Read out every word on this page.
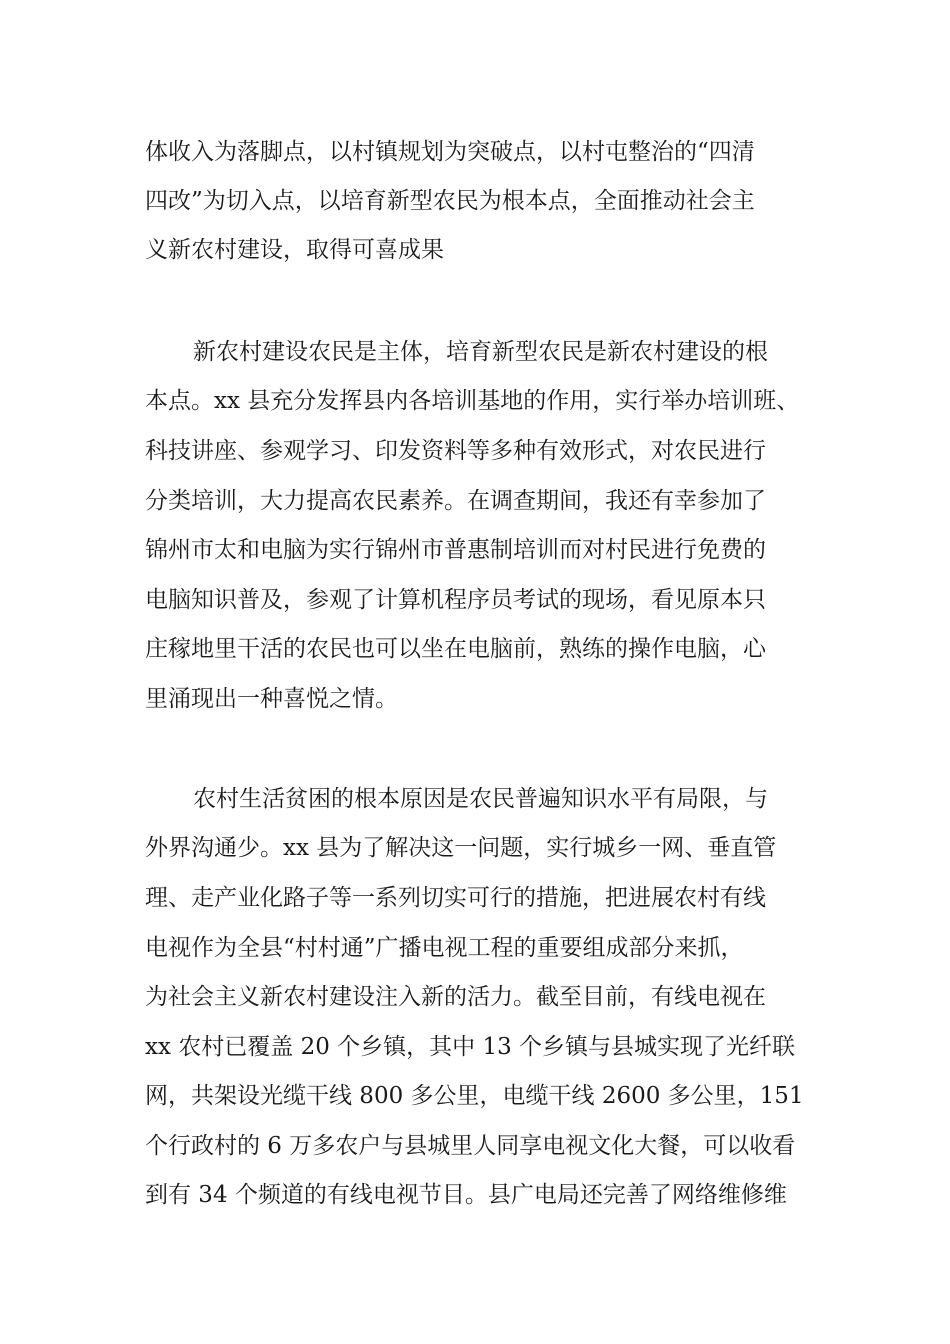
体收入为落脚点，以村镇规划为突破点，以村屯整治的“四清
四改”为切入点，以培育新型农民为根本点，全面推动社会主
义新农村建设，取得可喜成果
新农村建设农民是主体，培育新型农民是新农村建设的根
本点。xx 县充分发挥县内各培训基地的作用，实行举办培训班、
科技讲座、参观学习、印发资料等多种有效形式，对农民进行
分类培训，大力提高农民素养。在调查期间，我还有幸参加了
锦州市太和电脑为实行锦州市普惠制培训而对村民进行免费的
电脑知识普及，参观了计算机程序员考试的现场，看见原本只
庄稼地里干活的农民也可以坐在电脑前，熟练的操作电脑，心
里涌现出一种喜悦之情。
农村生活贫困的根本原因是农民普遍知识水平有局限，与
外界沟通少。xx 县为了解决这一问题，实行城乡一网、垂直管
理、走产业化路子等一系列切实可行的措施，把进展农村有线
电视作为全县“村村通”广播电视工程的重要组成部分来抓，
为社会主义新农村建设注入新的活力。截至目前，有线电视在
xx 农村已覆盖 20 个乡镇，其中 13 个乡镇与县城实现了光纤联
网，共架设光缆干线 800 多公里，电缆干线 2600 多公里，151
个行政村的 6 万多农户与县城里人同享电视文化大餐，可以收看
到有 34 个频道的有线电视节目。县广电局还完善了网络维修维
